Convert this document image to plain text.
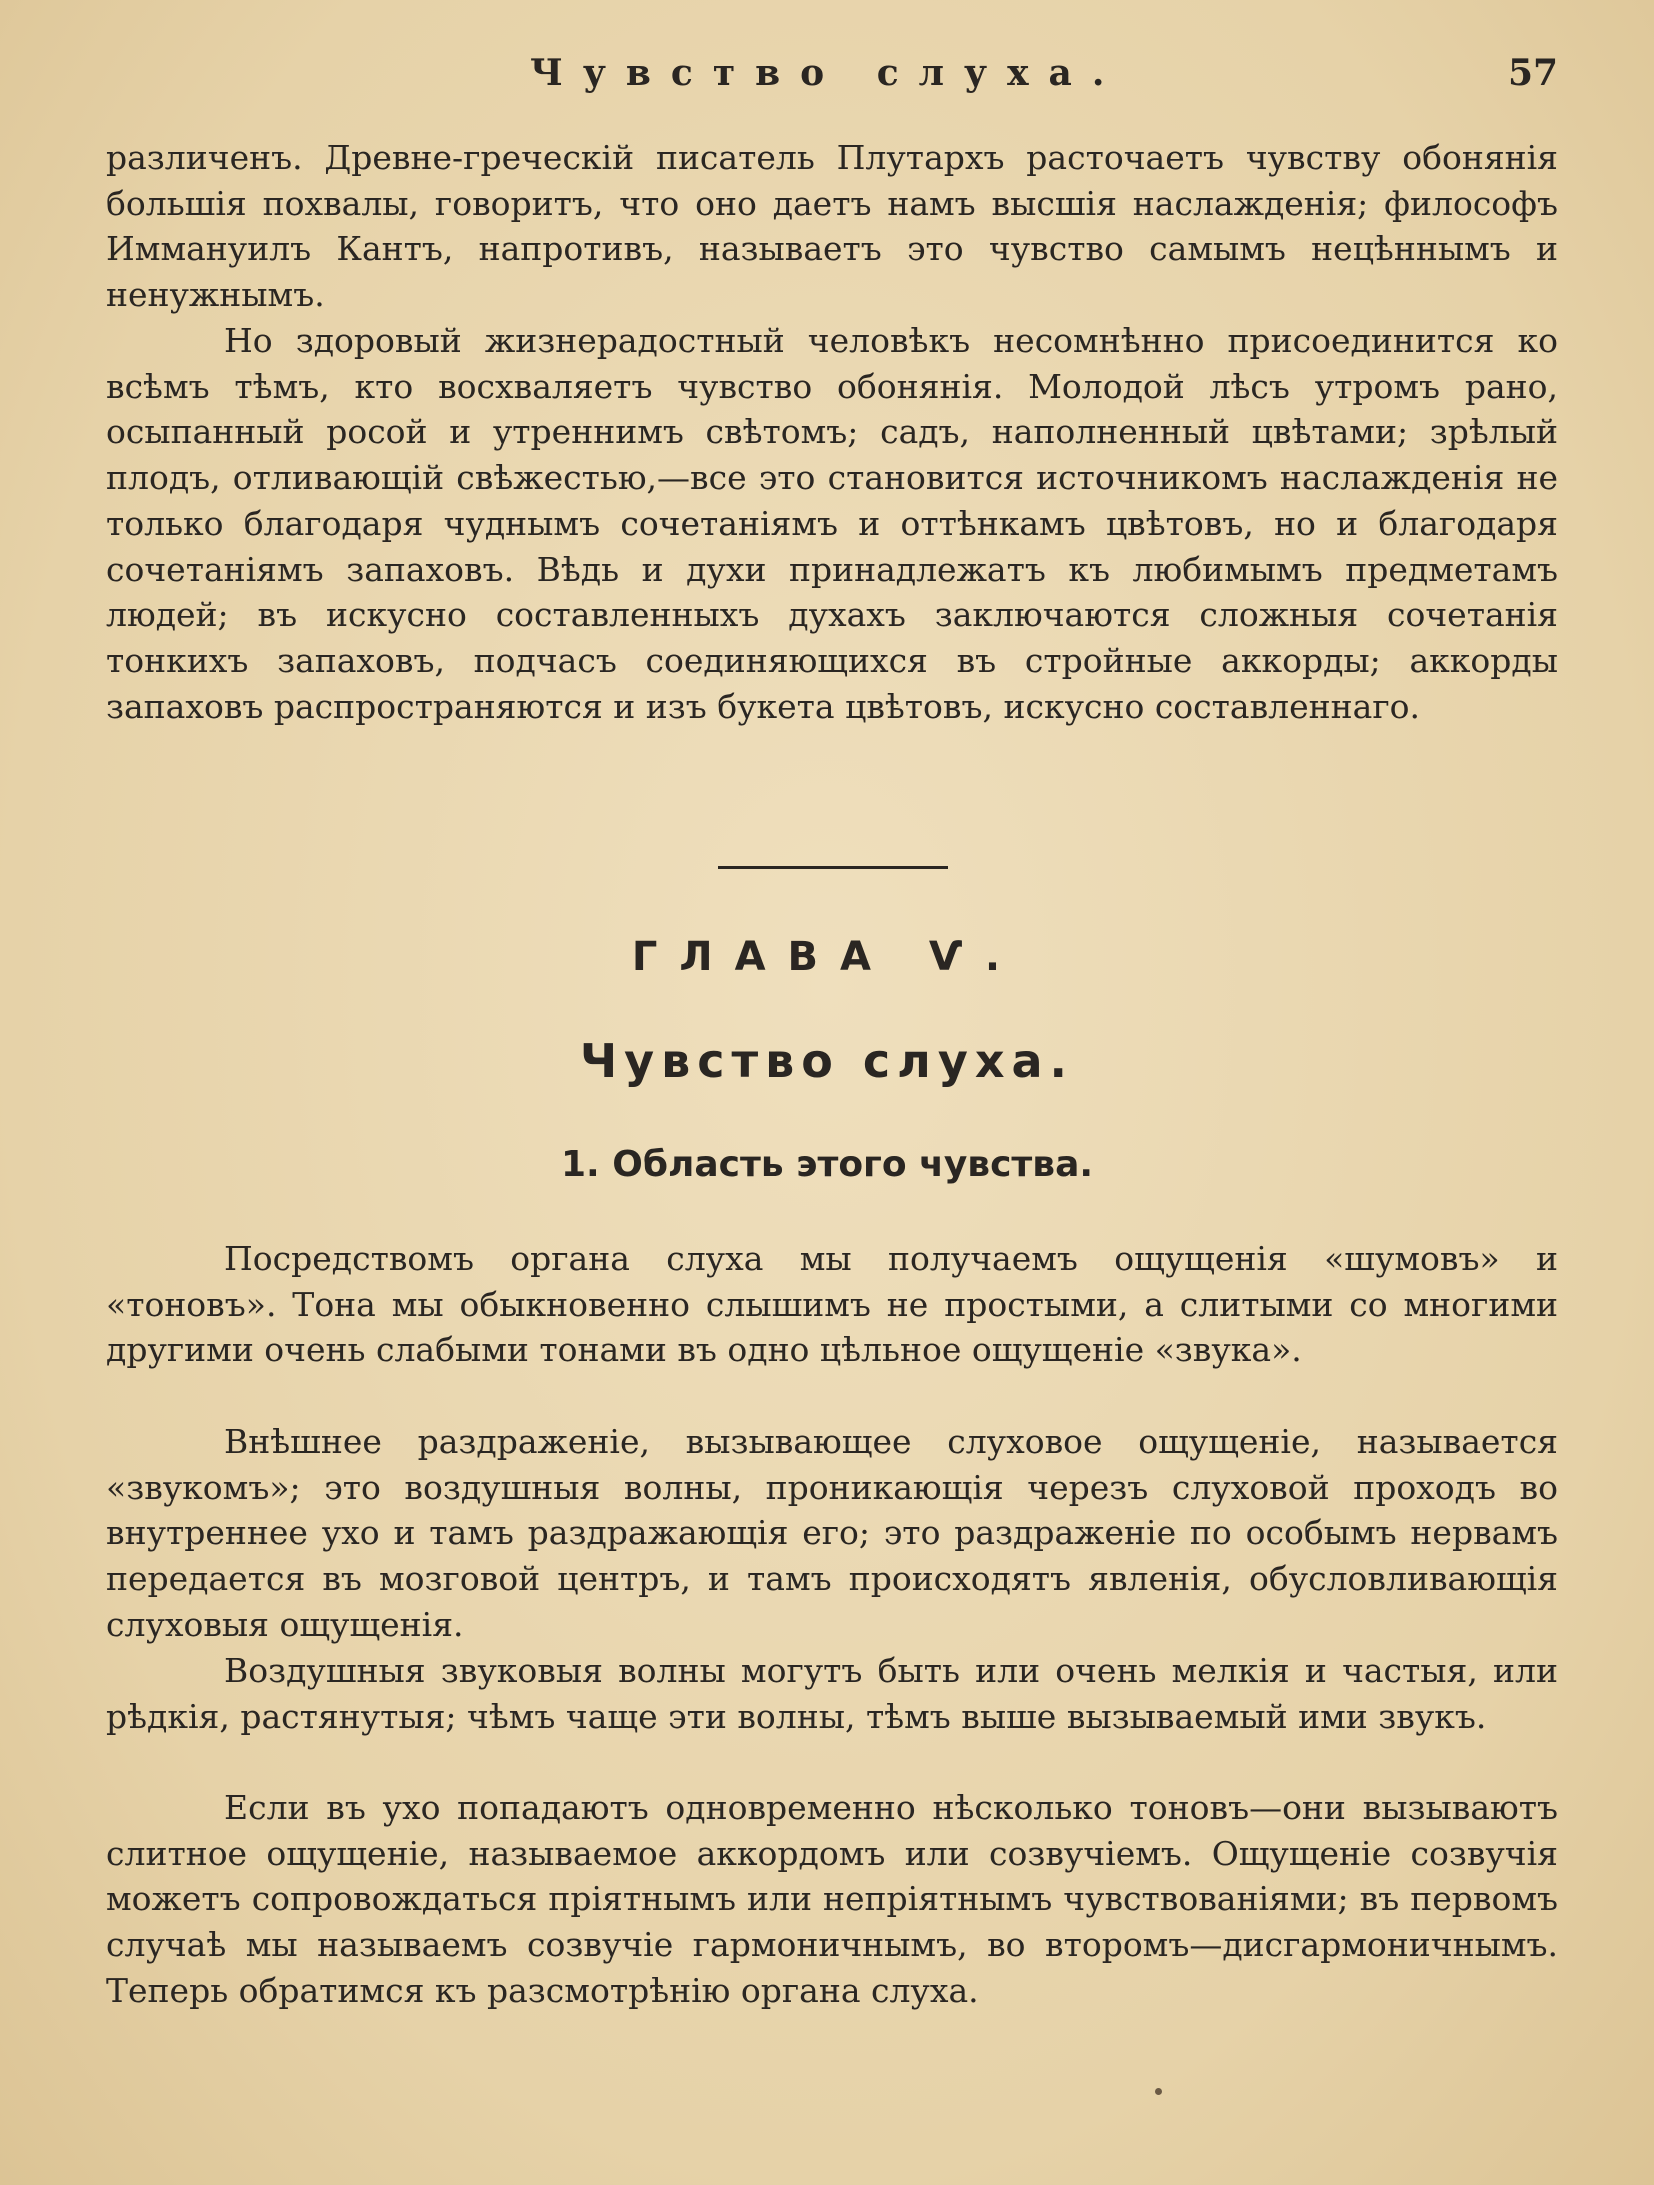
Чувство слуха.	57

различенъ. Древне-греческій писатель Плутархъ расточаетъ чувству обонянія большія похвалы, говоритъ, что оно даетъ намъ высшія наслажденія; философъ Иммануилъ Кантъ, напротивъ, называетъ это чувство самымъ нецѣннымъ и ненужнымъ.

Но здоровый жизнерадостный человѣкъ несомнѣнно присоединится ко всѣмъ тѣмъ, кто восхваляетъ чувство обонянія. Молодой лѣсъ утромъ рано, осыпанный росой и утреннимъ свѣтомъ; садъ, наполненный цвѣтами; зрѣлый плодъ, отливающій свѣжестью,—все это становится источникомъ наслажденія не только благодаря чуднымъ сочетаніямъ и оттѣнкамъ цвѣтовъ, но и благодаря сочетаніямъ запаховъ. Вѣдь и духи принадлежатъ къ любимымъ предметамъ людей; въ искусно составленныхъ духахъ заключаются сложныя сочетанія тонкихъ запаховъ, подчасъ соединяющихся въ стройные аккорды; аккорды запаховъ распространяются и изъ букета цвѣтовъ, искусно составленнаго.

ГЛАВА Ѵ.
Чувство слуха.
1. Область этого чувства.

Посредствомъ органа слуха мы получаемъ ощущенія «шумовъ» и «тоновъ». Тона мы обыкновенно слышимъ не простыми, а слитыми со многими другими очень слабыми тонами въ одно цѣльное ощущеніе «звука».

Внѣшнее раздраженіе, вызывающее слуховое ощущеніе, называется «звукомъ»; это воздушныя волны, проникающія черезъ слуховой проходъ во внутреннее ухо и тамъ раздражающія его; это раздраженіе по особымъ нервамъ передается въ мозговой центръ, и тамъ происходятъ явленія, обусловливающія слуховыя ощущенія.

Воздушныя звуковыя волны могутъ быть или очень мелкія и частыя, или рѣдкія, растянутыя; чѣмъ чаще эти волны, тѣмъ выше вызываемый ими звукъ.

Если въ ухо попадаютъ одновременно нѣсколько тоновъ—они вызываютъ слитное ощущеніе, называемое аккордомъ или созвучіемъ. Ощущеніе созвучія можетъ сопровождаться пріятнымъ или непріятнымъ чувствованіями; въ первомъ случаѣ мы называемъ созвучіе гармоничнымъ, во второмъ—дисгармоничнымъ. Теперь обратимся къ разсмотрѣнію органа слуха.
